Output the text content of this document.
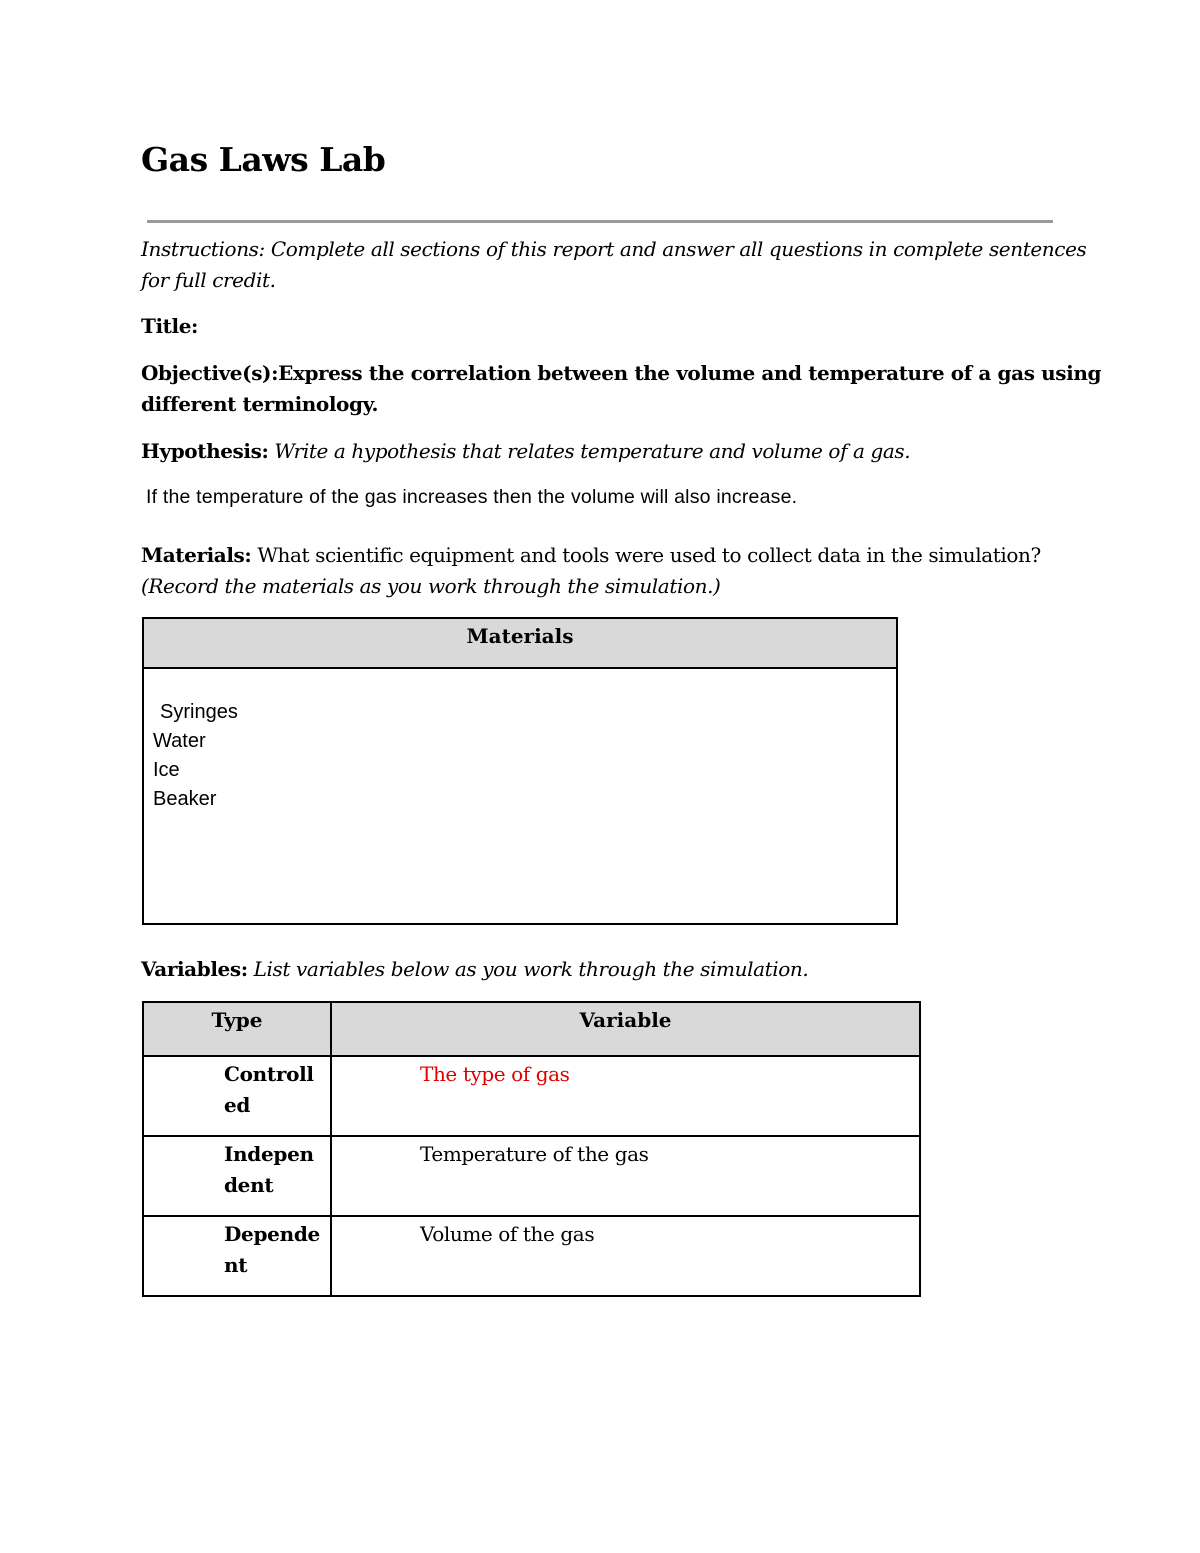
Gas Laws Lab
Instructions: Complete all sections of this report and answer all questions in complete sentences
for full credit.
Title:
Objective(s):Express the correlation between the volume and temperature of a gas using
different terminology.
Hypothesis: Write a hypothesis that relates temperature and volume of a gas.
If the temperature of the gas increases then the volume will also increase.
Materials: What scientific equipment and tools were used to collect data in the simulation?
(Record the materials as you work through the simulation.)
Materials
Syringes
Water
Ice
Beaker
Variables: List variables below as you work through the simulation.
Type	Variable

Controlled	The type of gas

Independent	Temperature of the gas

Dependent	Volume of the gas
